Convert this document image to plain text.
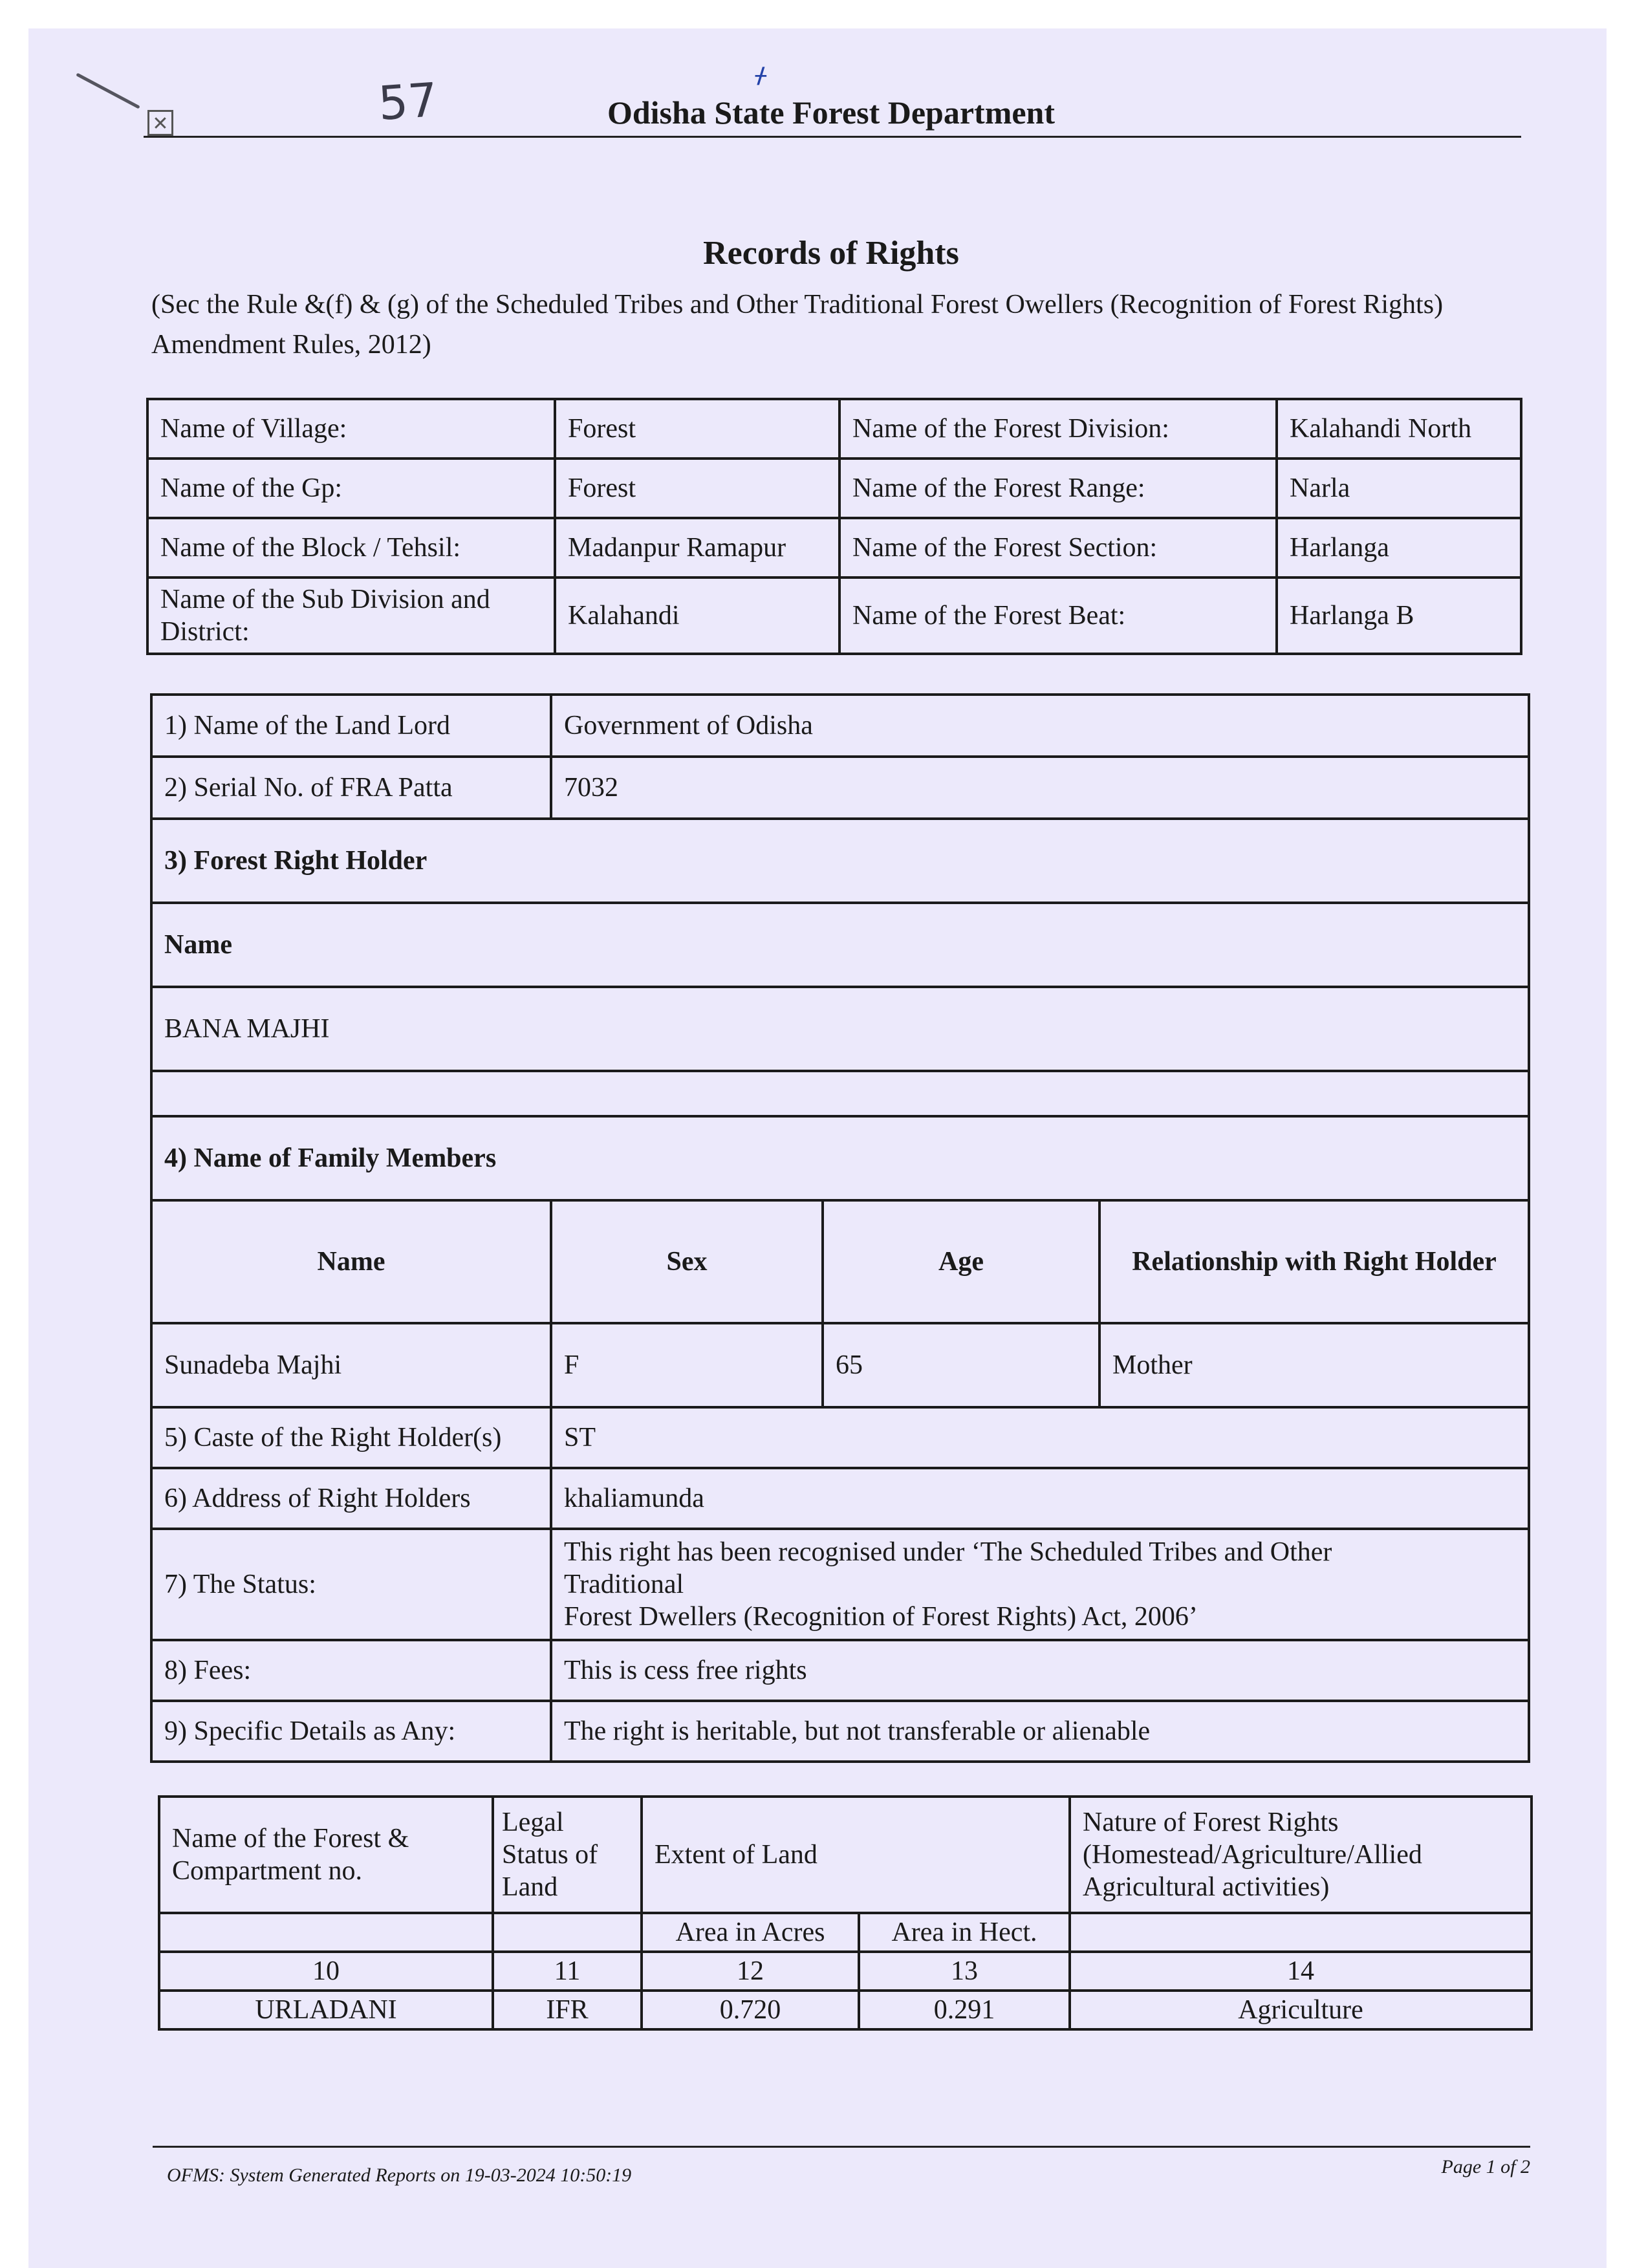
57	ᚋ
✕	Odisha State Forest Department
Records of Rights
(Sec the Rule &(f) & (g) of the Scheduled Tribes and Other Traditional Forest Owellers (Recognition of Forest Rights) Amendment Rules, 2012)
Name of Village:	Forest	Name of the Forest Division:	Kalahandi North
Name of the Gp:	Forest	Name of the Forest Range:	Narla
Name of the Block / Tehsil:	Madanpur Ramapur	Name of the Forest Section:	Harlanga
Name of the Sub Division and District:	Kalahandi	Name of the Forest Beat:	Harlanga B
1) Name of the Land Lord	Government of Odisha		
2) Serial No. of FRA Patta	7032		
3) Forest Right Holder			
Name			
BANA MAJHI			

4) Name of Family Members			
Name	Sex	Age	Relationship with Right Holder
Sunadeba Majhi	F	65	Mother
5) Caste of the Right Holder(s)	ST		
6) Address of Right Holders	khaliamunda		
7) The Status:	This right has been recognised under ‘The Scheduled Tribes and Other Traditional
Forest Dwellers (Recognition of Forest Rights) Act, 2006’		

8) Fees:	This is cess free rights		
9) Specific Details as Any:	The right is heritable, but not transferable or alienable		
Name of the Forest & Compartment no.	Legal Status of Land	Extent of Land		Nature of Forest Rights (Homestead/Agriculture/Allied Agricultural activities)
		Area in Acres	Area in Hect.	
10	11	12	13	14
URLADANI	IFR	0.720	0.291	Agriculture
OFMS: System Generated Reports on 19-03-2024 10:50:19	Page 1 of 2
